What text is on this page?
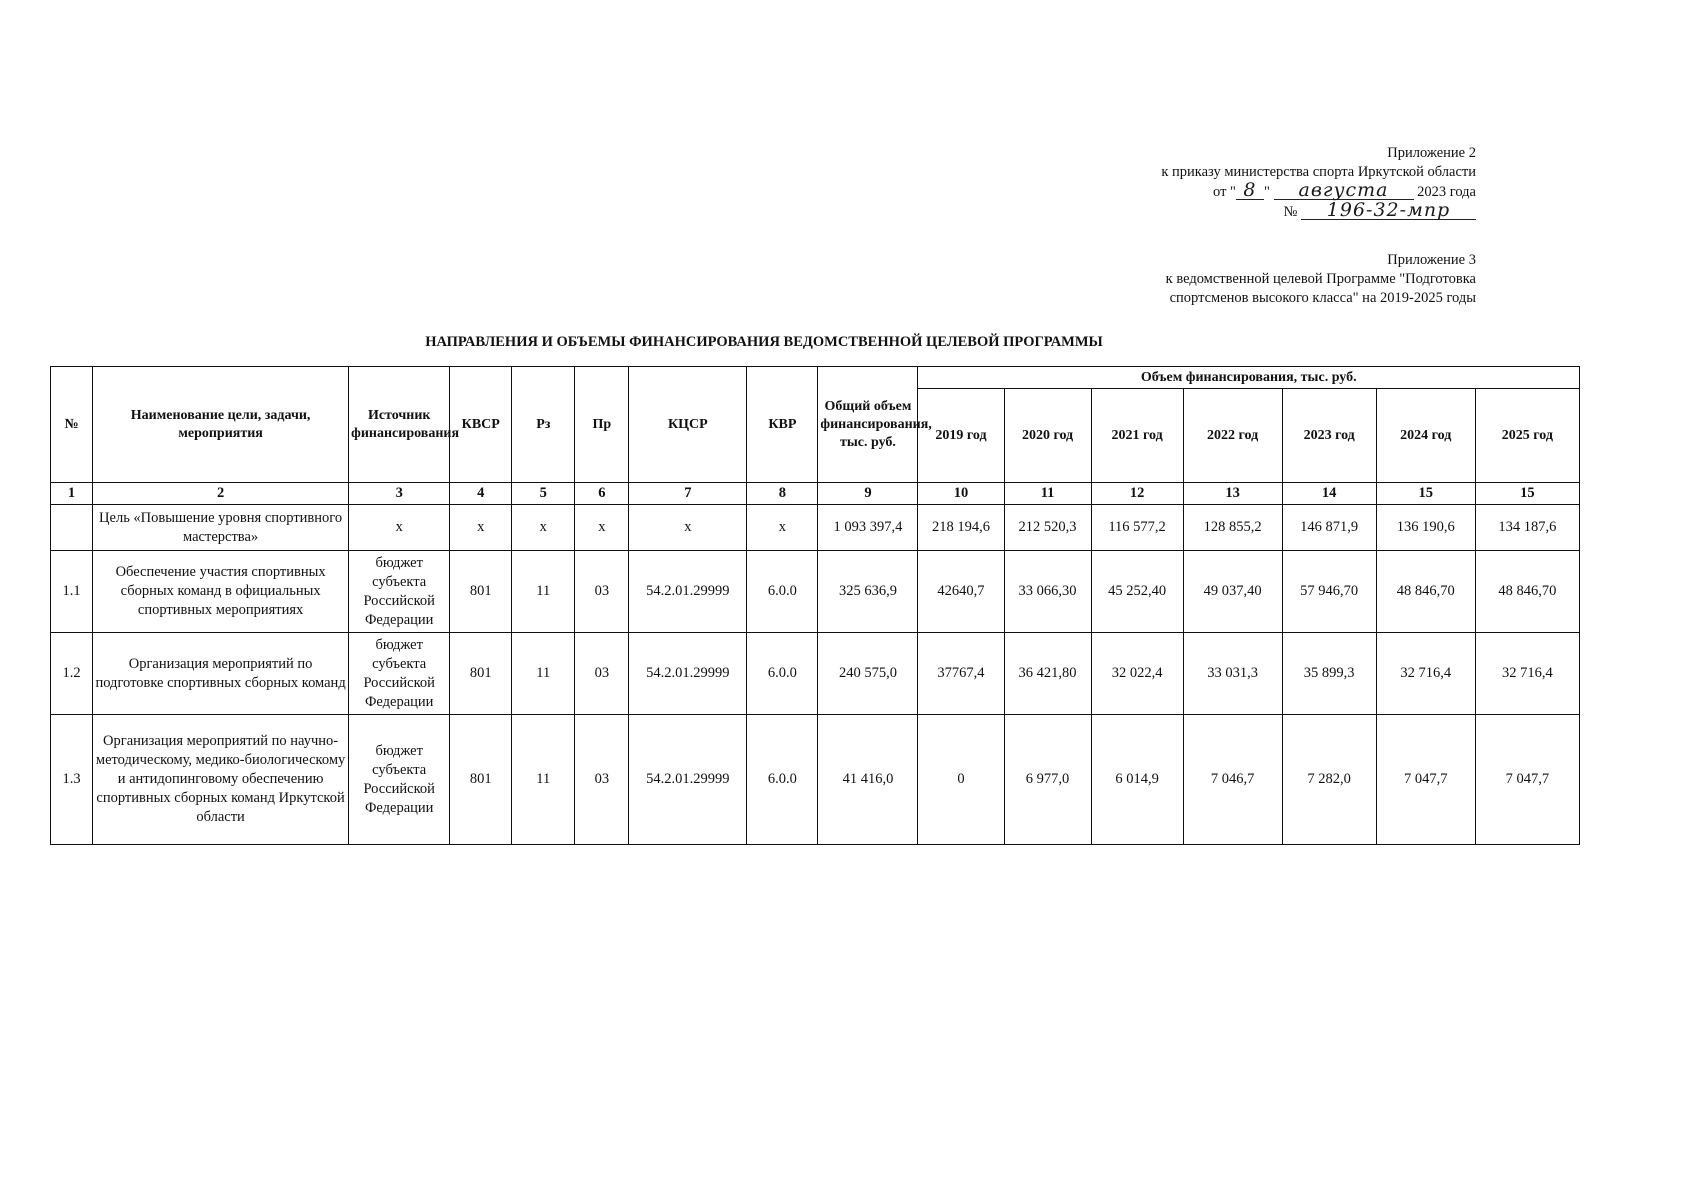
Приложение 2
к приказу министерства спорта Иркутской области
от " 8 " августа 2023 года
№ 196-32-мпр
Приложение 3
к ведомственной целевой Программе "Подготовка
спортсменов высокого класса" на 2019-2025 годы
НАПРАВЛЕНИЯ И ОБЪЕМЫ ФИНАНСИРОВАНИЯ ВЕДОМСТВЕННОЙ ЦЕЛЕВОЙ ПРОГРАММЫ
№	Наименование цели, задачи, мероприятия	Источник финансирования	КВСР	Рз	Пр	КЦСР	КВР	Общий объем финансирования, тыс. руб.	Объем финансирования, тыс. руб.						
									2019 год	2020 год	2021 год	2022 год	2023 год	2024 год	2025 год
1	2	3	4	5	6	7	8	9	10	11	12	13	14	15	15
	Цель «Повышение уровня спортивного мастерства»	х	х	х	х	х	х	1 093 397,4	218 194,6	212 520,3	116 577,2	128 855,2	146 871,9	136 190,6	134 187,6
1.1	Обеспечение участия спортивных сборных команд в официальных спортивных мероприятиях	бюджет субъекта Российской Федерации	801	11	03	54.2.01.29999	6.0.0	325 636,9	42640,7	33 066,30	45 252,40	49 037,40	57 946,70	48 846,70	48 846,70
1.2	Организация мероприятий по подготовке спортивных сборных команд	бюджет субъекта Российской Федерации	801	11	03	54.2.01.29999	6.0.0	240 575,0	37767,4	36 421,80	32 022,4	33 031,3	35 899,3	32 716,4	32 716,4
1.3	Организация мероприятий по научно-методическому, медико-биологическому и антидопинговому обеспечению спортивных сборных команд Иркутской области	бюджет субъекта Российской Федерации	801	11	03	54.2.01.29999	6.0.0	41 416,0	0	6 977,0	6 014,9	7 046,7	7 282,0	7 047,7	7 047,7
